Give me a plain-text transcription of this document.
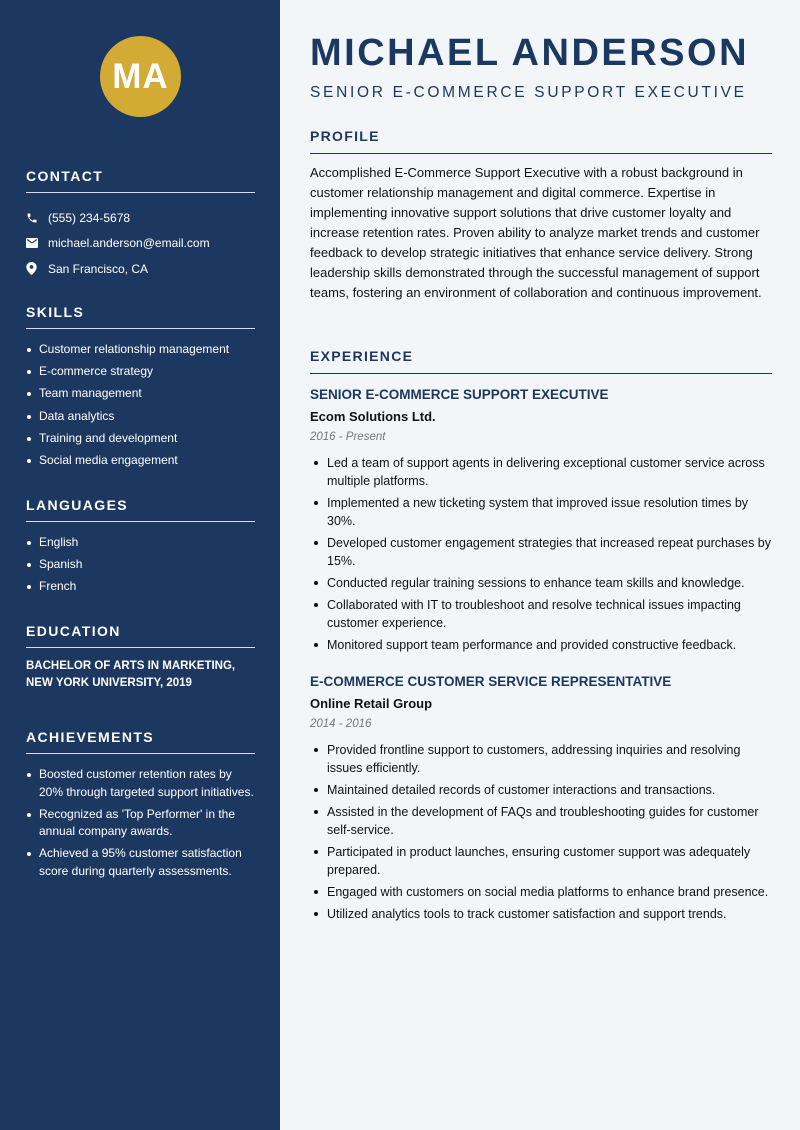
MA
CONTACT
(555) 234-5678
michael.anderson@email.com
San Francisco, CA
SKILLS
Customer relationship management
E-commerce strategy
Team management
Data analytics
Training and development
Social media engagement
LANGUAGES
English
Spanish
French
EDUCATION

BACHELOR OF ARTS IN MARKETING, NEW YORK UNIVERSITY, 2019

ACHIEVEMENTS
Boosted customer retention rates by 20% through targeted support initiatives.
Recognized as 'Top Performer' in the annual company awards.
Achieved a 95% customer satisfaction score during quarterly assessments.
MICHAEL ANDERSON
SENIOR E-COMMERCE SUPPORT EXECUTIVE
PROFILE

Accomplished E-Commerce Support Executive with a robust background in customer relationship management and digital commerce. Expertise in implementing innovative support solutions that drive customer loyalty and increase retention rates. Proven ability to analyze market trends and customer feedback to develop strategic initiatives that enhance service delivery. Strong leadership skills demonstrated through the successful management of support teams, fostering an environment of collaboration and continuous improvement.

EXPERIENCE
SENIOR E-COMMERCE SUPPORT EXECUTIVE
Ecom Solutions Ltd.
2016 - Present
Led a team of support agents in delivering exceptional customer service across multiple platforms.
Implemented a new ticketing system that improved issue resolution times by 30%.
Developed customer engagement strategies that increased repeat purchases by 15%.
Conducted regular training sessions to enhance team skills and knowledge.
Collaborated with IT to troubleshoot and resolve technical issues impacting customer experience.
Monitored support team performance and provided constructive feedback.
E-COMMERCE CUSTOMER SERVICE REPRESENTATIVE
Online Retail Group
2014 - 2016
Provided frontline support to customers, addressing inquiries and resolving issues efficiently.
Maintained detailed records of customer interactions and transactions.
Assisted in the development of FAQs and troubleshooting guides for customer self-service.
Participated in product launches, ensuring customer support was adequately prepared.
Engaged with customers on social media platforms to enhance brand presence.
Utilized analytics tools to track customer satisfaction and support trends.
